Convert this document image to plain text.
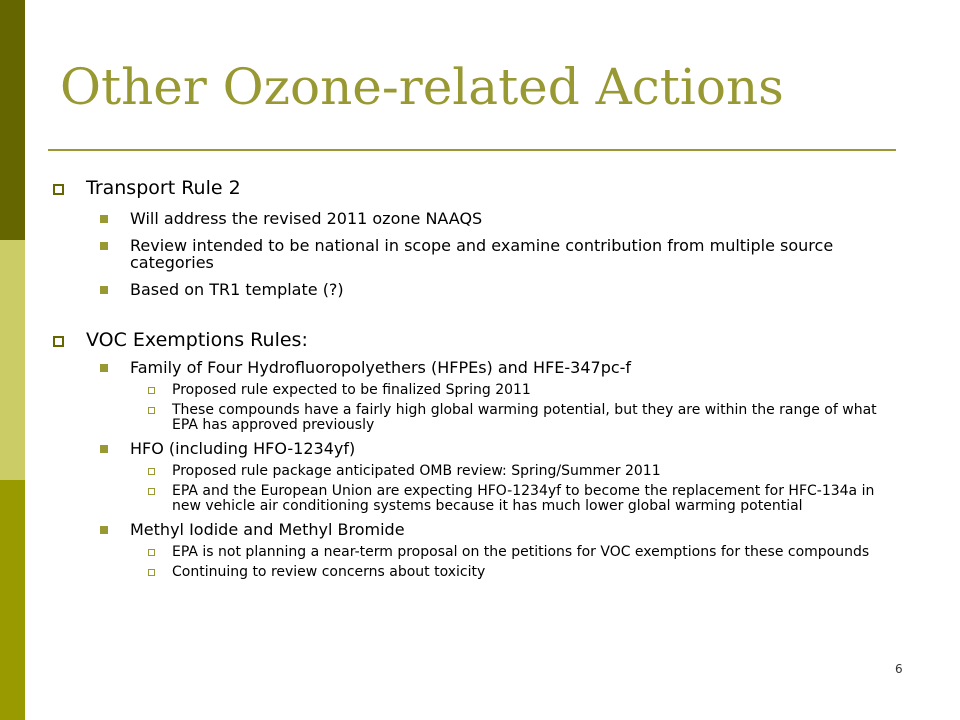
Other Ozone-related Actions
Transport Rule 2
Will address the revised 2011 ozone NAAQS
Review intended to be national in scope and examine contribution from multiple source categories
Based on TR1 template (?)
VOC Exemptions Rules:
Family of Four Hydrofluoropolyethers (HFPEs) and HFE-347pc-f
Proposed rule expected to be finalized Spring 2011
These compounds have a fairly high global warming potential, but they are within the range of what EPA has approved previously
HFO (including HFO-1234yf)
Proposed rule package anticipated OMB review: Spring/Summer 2011
EPA and the European Union are expecting HFO-1234yf to become the replacement for HFC-134a in new vehicle air conditioning systems because it has much lower global warming potential
Methyl Iodide and Methyl Bromide
EPA is not planning a near-term proposal on the petitions for VOC exemptions for these compounds
Continuing to review concerns about toxicity
6
